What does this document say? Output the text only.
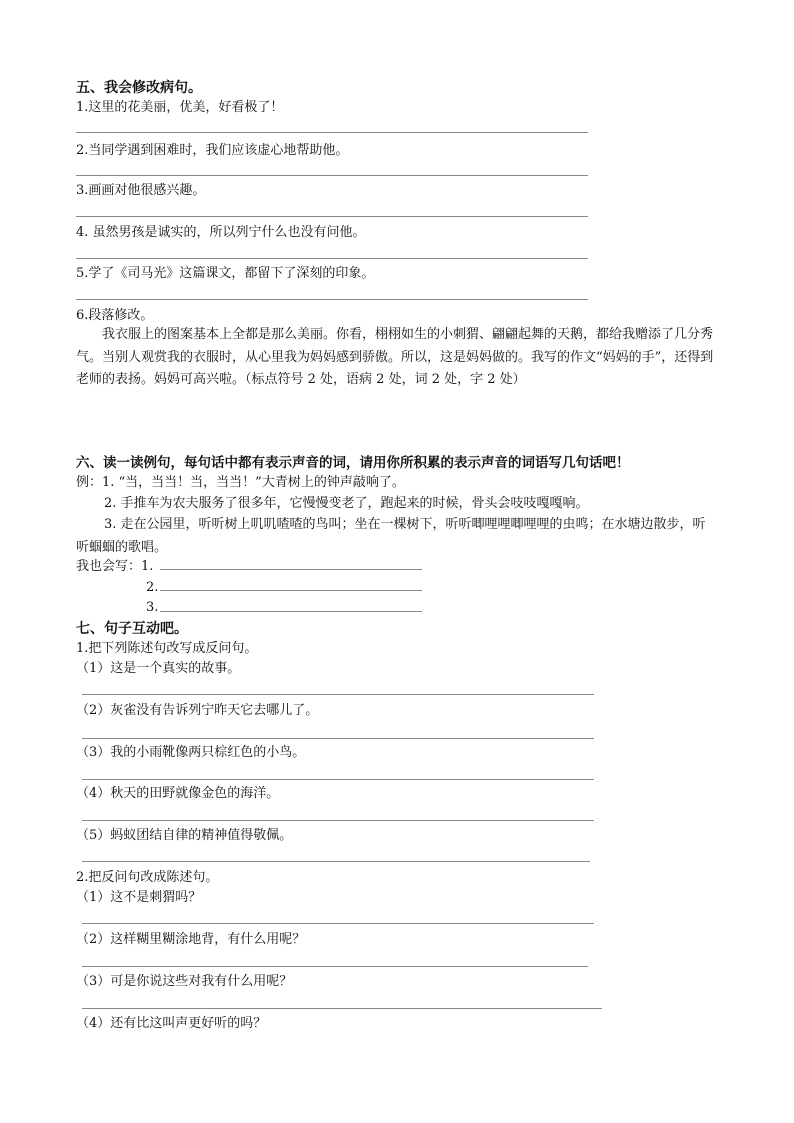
五、我会修改病句。
1.这里的花美丽，优美，好看极了！
2.当同学遇到困难时，我们应该虚心地帮助他。
3.画画对他很感兴趣。
4. 虽然男孩是诚实的，所以列宁什么也没有问他。
5.学了《司马光》这篇课文，都留下了深刻的印象。
6.段落修改。
我衣服上的图案基本上全都是那么美丽。你看，栩栩如生的小刺猬、翩翩起舞的天鹅，都给我赠添了几分秀气。当别人观赏我的衣服时，从心里我为妈妈感到骄傲。所以，这是妈妈做的。我写的作文“妈妈的手”，还得到老师的表扬。妈妈可高兴啦。（标点符号 2 处，语病 2 处，词 2 处，字 2 处）
六、读一读例句，每句话中都有表示声音的词，请用你所积累的表示声音的词语写几句话吧！
例：1. “当，当当！当，当当！”大青树上的钟声敲响了。
2. 手推车为农夫服务了很多年，它慢慢变老了，跑起来的时候，骨头会吱吱嘎嘎响。
3. 走在公园里，听听树上叽叽喳喳的鸟叫；坐在一棵树下，听听唧哩哩唧哩哩的虫鸣；在水塘边散步，听听蝈蝈的歌唱。
我也会写：1.
2.
3.
七、句子互动吧。
1.把下列陈述句改写成反问句。
（1）这是一个真实的故事。
（2）灰雀没有告诉列宁昨天它去哪儿了。
（3）我的小雨靴像两只棕红色的小鸟。
（4）秋天的田野就像金色的海洋。
（5）蚂蚁团结自律的精神值得敬佩。
2.把反问句改成陈述句。
（1）这不是刺猬吗？
（2）这样糊里糊涂地背，有什么用呢？
（3）可是你说这些对我有什么用呢？
（4）还有比这叫声更好听的吗？
